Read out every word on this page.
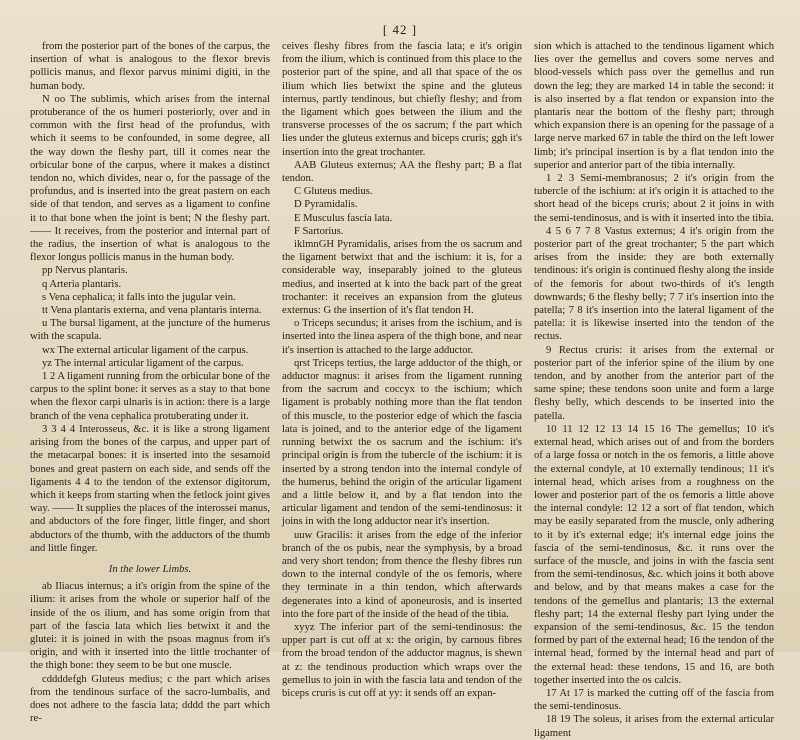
[ 42 ]

from the posterior part of the bones of the carpus, the insertion of what is analogous to the flexor brevis pollicis manus, and flexor parvus minimi digiti, in the human body.

N oo The sublimis, which arises from the internal protuberance of the os humeri posteriorly, over and in common with the first head of the profundus, with which it seems to be confounded, in some degree, all the way down the fleshy part, till it comes near the orbicular bone of the carpus, where it makes a distinct tendon no, which divides, near o, for the passage of the profundus, and is inserted into the great pastern on each side of that tendon, and serves as a ligament to confine it to that bone when the joint is bent; N the fleshy part. —— It receives, from the posterior and internal part of the radius, the insertion of what is analogous to the flexor longus pollicis manus in the human body.

pp Nervus plantaris.

q Arteria plantaris.

s Vena cephalica; it falls into the jugular vein.

tt Vena plantaris externa, and vena plantaris interna.

u The bursal ligament, at the juncture of the humerus with the scapula.

wx The external articular ligament of the carpus.

yz The internal articular ligament of the carpus.

1 2 A ligament running from the orbicular bone of the carpus to the splint bone: it serves as a stay to that bone when the flexor carpi ulnaris is in action: there is a large branch of the vena cephalica protuberating under it.

3 3 4 4 Interosseus, &c. it is like a strong ligament arising from the bones of the carpus, and upper part of the metacarpal bones: it is inserted into the sesamoid bones and great pastern on each side, and sends off the ligaments 4 4 to the tendon of the extensor digitorum, which it keeps from starting when the fetlock joint gives way. —— It supplies the places of the interossei manus, and abductors of the fore finger, little finger, and short abductors of the thumb, with the adductors of the thumb and little finger.

In the lower Limbs.

ab Iliacus internus; a it's origin from the spine of the ilium: it arises from the whole or superior half of the inside of the os ilium, and has some origin from that part of the fascia lata which lies betwixt it and the glutei: it is joined in with the psoas magnus from it's origin, and with it inserted into the little trochanter of the thigh bone: they seem to be but one muscle.

cddddefgh Gluteus medius; c the part which arises from the tendinous surface of the sacro-lumbalis, and does not adhere to the fascia lata; dddd the part which re-

ceives fleshy fibres from the fascia lata; e it's origin from the ilium, which is continued from this place to the posterior part of the spine, and all that space of the os ilium which lies betwixt the spine and the gluteus internus, partly tendinous, but chiefly fleshy; and from the ligament which goes between the ilium and the transverse processes of the os sacrum; f the part which lies under the gluteus externus and biceps cruris; ggh it's insertion into the great trochanter.

AAB Gluteus externus; AA the fleshy part; B a flat tendon.

C Gluteus medius.

D Pyramidalis.

E Musculus fascia lata.

F Sartorius.

iklmnGH Pyramidalis, arises from the os sacrum and the ligament betwixt that and the ischium: it is, for a considerable way, inseparably joined to the gluteus medius, and inserted at k into the back part of the great trochanter: it receives an expansion from the gluteus externus: G the insertion of it's flat tendon H.

o Triceps secundus; it arises from the ischium, and is inserted into the linea aspera of the thigh bone, and near it's insertion is attached to the large adductor.

qrst Triceps tertius, the large adductor of the thigh, or adductor magnus: it arises from the ligament running from the sacrum and coccyx to the ischium; which ligament is probably nothing more than the flat tendon of this muscle, to the posterior edge of which the fascia lata is joined, and to the anterior edge of the ligament running betwixt the os sacrum and the ischium: it's principal origin is from the tubercle of the ischium: it is inserted by a strong tendon into the internal condyle of the humerus, behind the origin of the articular ligament and a little below it, and by a flat tendon into the articular ligament and tendon of the semi-tendinosus: it joins in with the long adductor near it's insertion.

uuw Gracilis: it arises from the edge of the inferior branch of the os pubis, near the symphysis, by a broad and very short tendon; from thence the fleshy fibres run down to the internal condyle of the os femoris, where they terminate in a thin tendon, which afterwards degenerates into a kind of aponeurosis, and is inserted into the fore part of the inside of the head of the tibia.

xyyz The inferior part of the semi-tendinosus: the upper part is cut off at x: the origin, by carnous fibres from the broad tendon of the adductor magnus, is shewn at z: the tendinous production which wraps over the gemellus to join in with the fascia lata and tendon of the biceps cruris is cut off at yy: it sends off an expan-

sion which is attached to the tendinous ligament which lies over the gemellus and covers some nerves and blood-vessels which pass over the gemellus and run down the leg; they are marked 14 in table the second: it is also inserted by a flat tendon or expansion into the plantaris near the bottom of the fleshy part; through which expansion there is an opening for the passage of a large nerve marked 67 in table the third on the left lower limb; it's principal insertion is by a flat tendon into the superior and anterior part of the tibia internally.

1 2 3 Semi-membranosus; 2 it's origin from the tubercle of the ischium: at it's origin it is attached to the short head of the biceps cruris; about 2 it joins in with the semi-tendinosus, and is with it inserted into the tibia.

4 5 6 7 7 8 Vastus externus; 4 it's origin from the posterior part of the great trochanter; 5 the part which arises from the inside: they are both externally tendinous: it's origin is continued fleshy along the inside of the femoris for about two-thirds of it's length downwards; 6 the fleshy belly; 7 7 it's insertion into the patella; 7 8 it's insertion into the lateral ligament of the patella: it is likewise inserted into the tendon of the rectus.

9 Rectus cruris: it arises from the external or posterior part of the inferior spine of the ilium by one tendon, and by another from the anterior part of the same spine; these tendons soon unite and form a large fleshy belly, which descends to be inserted into the patella.

10 11 12 12 13 14 15 16 The gemellus; 10 it's external head, which arises out of and from the borders of a large fossa or notch in the os femoris, a little above the external condyle, at 10 externally tendinous; 11 it's internal head, which arises from a roughness on the lower and posterior part of the os femoris a little above the internal condyle: 12 12 a sort of flat tendon, which may be easily separated from the muscle, only adhering to it by it's external edge; it's internal edge joins the fascia of the semi-tendinosus, &c. it runs over the surface of the muscle, and joins in with the fascia sent from the semi-tendinosus, &c. which joins it both above and below, and by that means makes a case for the tendons of the gemellus and plantaris; 13 the external fleshy part; 14 the external fleshy part lying under the expansion of the semi-tendinosus, &c. 15 the tendon formed by part of the external head; 16 the tendon of the internal head, formed by the internal head and part of the external head: these tendons, 15 and 16, are both together inserted into the os calcis.

17 At 17 is marked the cutting off of the fascia from the semi-tendinosus.

18 19 The soleus, it arises from the external articular ligament
